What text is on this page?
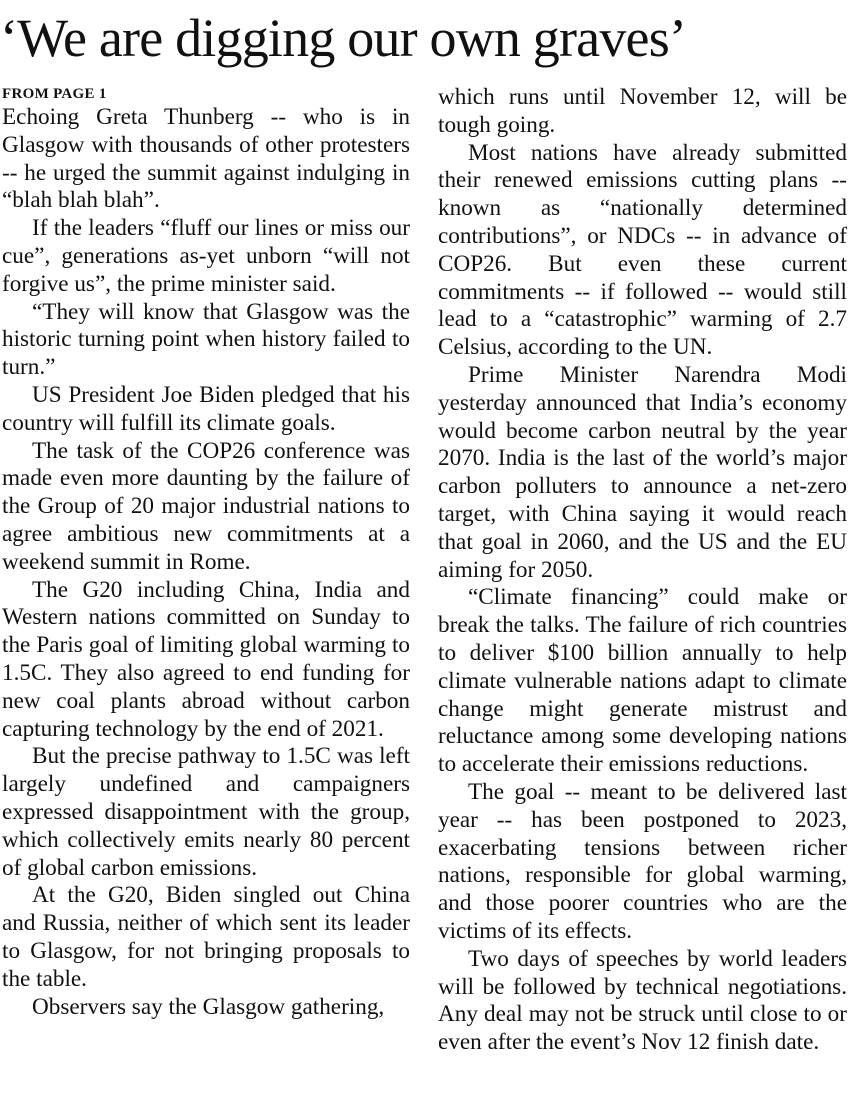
‘We are digging our own graves’
FROM PAGE 1

Echoing Greta Thunberg -- who is in Glasgow with thousands of other protesters -- he urged the summit against indulging in “blah blah blah”.

If the leaders “fluff our lines or miss our cue”, generations as-yet unborn “will not forgive us”, the prime minister said.

“They will know that Glasgow was the historic turning point when history failed to turn.”

US President Joe Biden pledged that his country will fulfill its climate goals.

The task of the COP26 conference was made even more daunting by the failure of the Group of 20 major industrial nations to agree ambitious new commitments at a weekend summit in Rome.

The G20 including China, India and Western nations committed on Sunday to the Paris goal of limiting global warming to 1.5C. They also agreed to end funding for new coal plants abroad without carbon capturing technology by the end of 2021.

But the precise pathway to 1.5C was left largely undefined and campaigners expressed disappointment with the group, which collectively emits nearly 80 percent of global carbon emissions.

At the G20, Biden singled out China and Russia, neither of which sent its leader to Glasgow, for not bringing proposals to the table.

Observers say the Glasgow gathering,

which runs until November 12, will be tough going.

Most nations have already submitted their renewed emissions cutting plans -- known as “nationally determined contributions”, or NDCs -- in advance of COP26. But even these current commitments -- if followed -- would still lead to a “catastrophic” warming of 2.7 Celsius, according to the UN.

Prime Minister Narendra Modi yesterday announced that India’s economy would become carbon neutral by the year 2070. India is the last of the world’s major carbon polluters to announce a net-zero target, with China saying it would reach that goal in 2060, and the US and the EU aiming for 2050.

“Climate financing” could make or break the talks. The failure of rich countries to deliver $100 billion annually to help climate vulnerable nations adapt to climate change might generate mistrust and reluctance among some developing nations to accelerate their emissions reductions.

The goal -- meant to be delivered last year -- has been postponed to 2023, exacerbating tensions between richer nations, responsible for global warming, and those poorer countries who are the victims of its effects.

Two days of speeches by world leaders will be followed by technical negotiations. Any deal may not be struck until close to or even after the event’s Nov 12 finish date.
